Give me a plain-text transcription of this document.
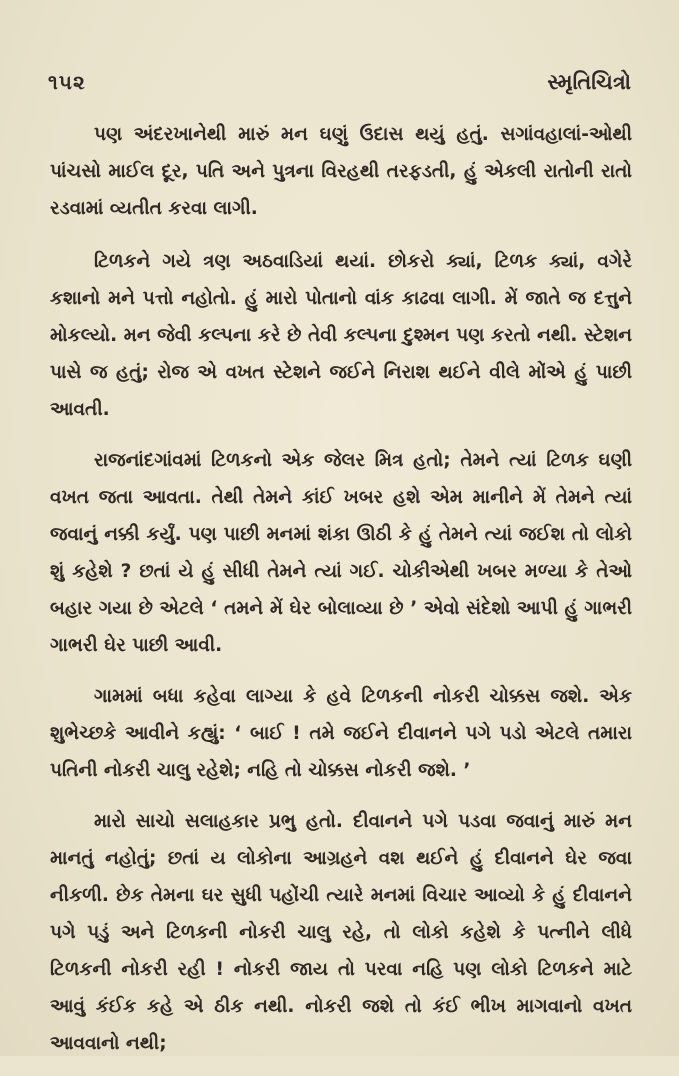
૧૫૨	સ્મૃતિચિત્રો

પણ અંદરખાનેથી મારું મન ઘણું ઉદાસ થયું હતું. સગાંવહાલાં-ઓથી પાંચસો માઈલ દૂર, પતિ અને પુત્રના વિરહથી તરફડતી, હું એકલી રાતોની રાતો રડવામાં વ્યતીત કરવા લાગી.

ટિળકને ગયે ત્રણ અઠવાડિયાં થયાં. છોકરો ક્યાં, ટિળક ક્યાં, વગેરે કશાનો મને પત્તો નહોતો. હું મારો પોતાનો વાંક કાઢવા લાગી. મેં જાતે જ દત્તુને મોકલ્યો. મન જેવી કલ્પના કરે છે તેવી કલ્પના દુશ્મન પણ કરતો નથી. સ્ટેશન પાસે જ હતું; રોજ એ વખત સ્ટેશને જઈને નિરાશ થઈને વીલે મોંએ હું પાછી આવતી.

રાજનાંદગાંવમાં ટિળકનો એક જેલર મિત્ર હતો; તેમને ત્યાં ટિળક ઘણી વખત જતા આવતા. તેથી તેમને કાંઈ ખબર હશે એમ માનીને મેં તેમને ત્યાં જવાનું નક્કી કર્યું. પણ પાછી મનમાં શંકા ઊઠી કે હું તેમને ત્યાં જઈશ તો લોકો શું કહેશે ? છતાં યે હું સીધી તેમને ત્યાં ગઈ. ચોકીએથી ખબર મળ્યા કે તેઓ બહાર ગયા છે એટલે ‘ તમને મેં ઘેર બોલાવ્યા છે ’ એવો સંદેશો આપી હું ગાભરી ગાભરી ઘેર પાછી આવી.

ગામમાં બધા કહેવા લાગ્યા કે હવે ટિળકની નોકરી ચોક્કસ જશે. એક શુભેચ્છકે આવીને કહ્યું: ‘ બાઈ ! તમે જઈને દીવાનને પગે પડો એટલે તમારા પતિની નોકરી ચાલુ રહેશે; નહિ તો ચોક્કસ નોકરી જશે. ’

મારો સાચો સલાહકાર પ્રભુ હતો. દીવાનને પગે પડવા જવાનું મારું મન માનતું નહોતું; છતાં ય લોકોના આગ્રહને વશ થઈને હું દીવાનને ઘેર જવા નીકળી. છેક તેમના ઘર સુધી પહોંચી ત્યારે મનમાં વિચાર આવ્યો કે હું દીવાનને પગે પડું અને ટિળકની નોકરી ચાલુ રહે, તો લોકો કહેશે કે પત્નીને લીધે ટિળકની નોકરી રહી ! નોકરી જાય તો પરવા નહિ પણ લોકો ટિળકને માટે આવું કંઈક કહે એ ઠીક નથી. નોકરી જશે તો કંઈ ભીખ માગવાનો વખત આવવાનો નથી;
